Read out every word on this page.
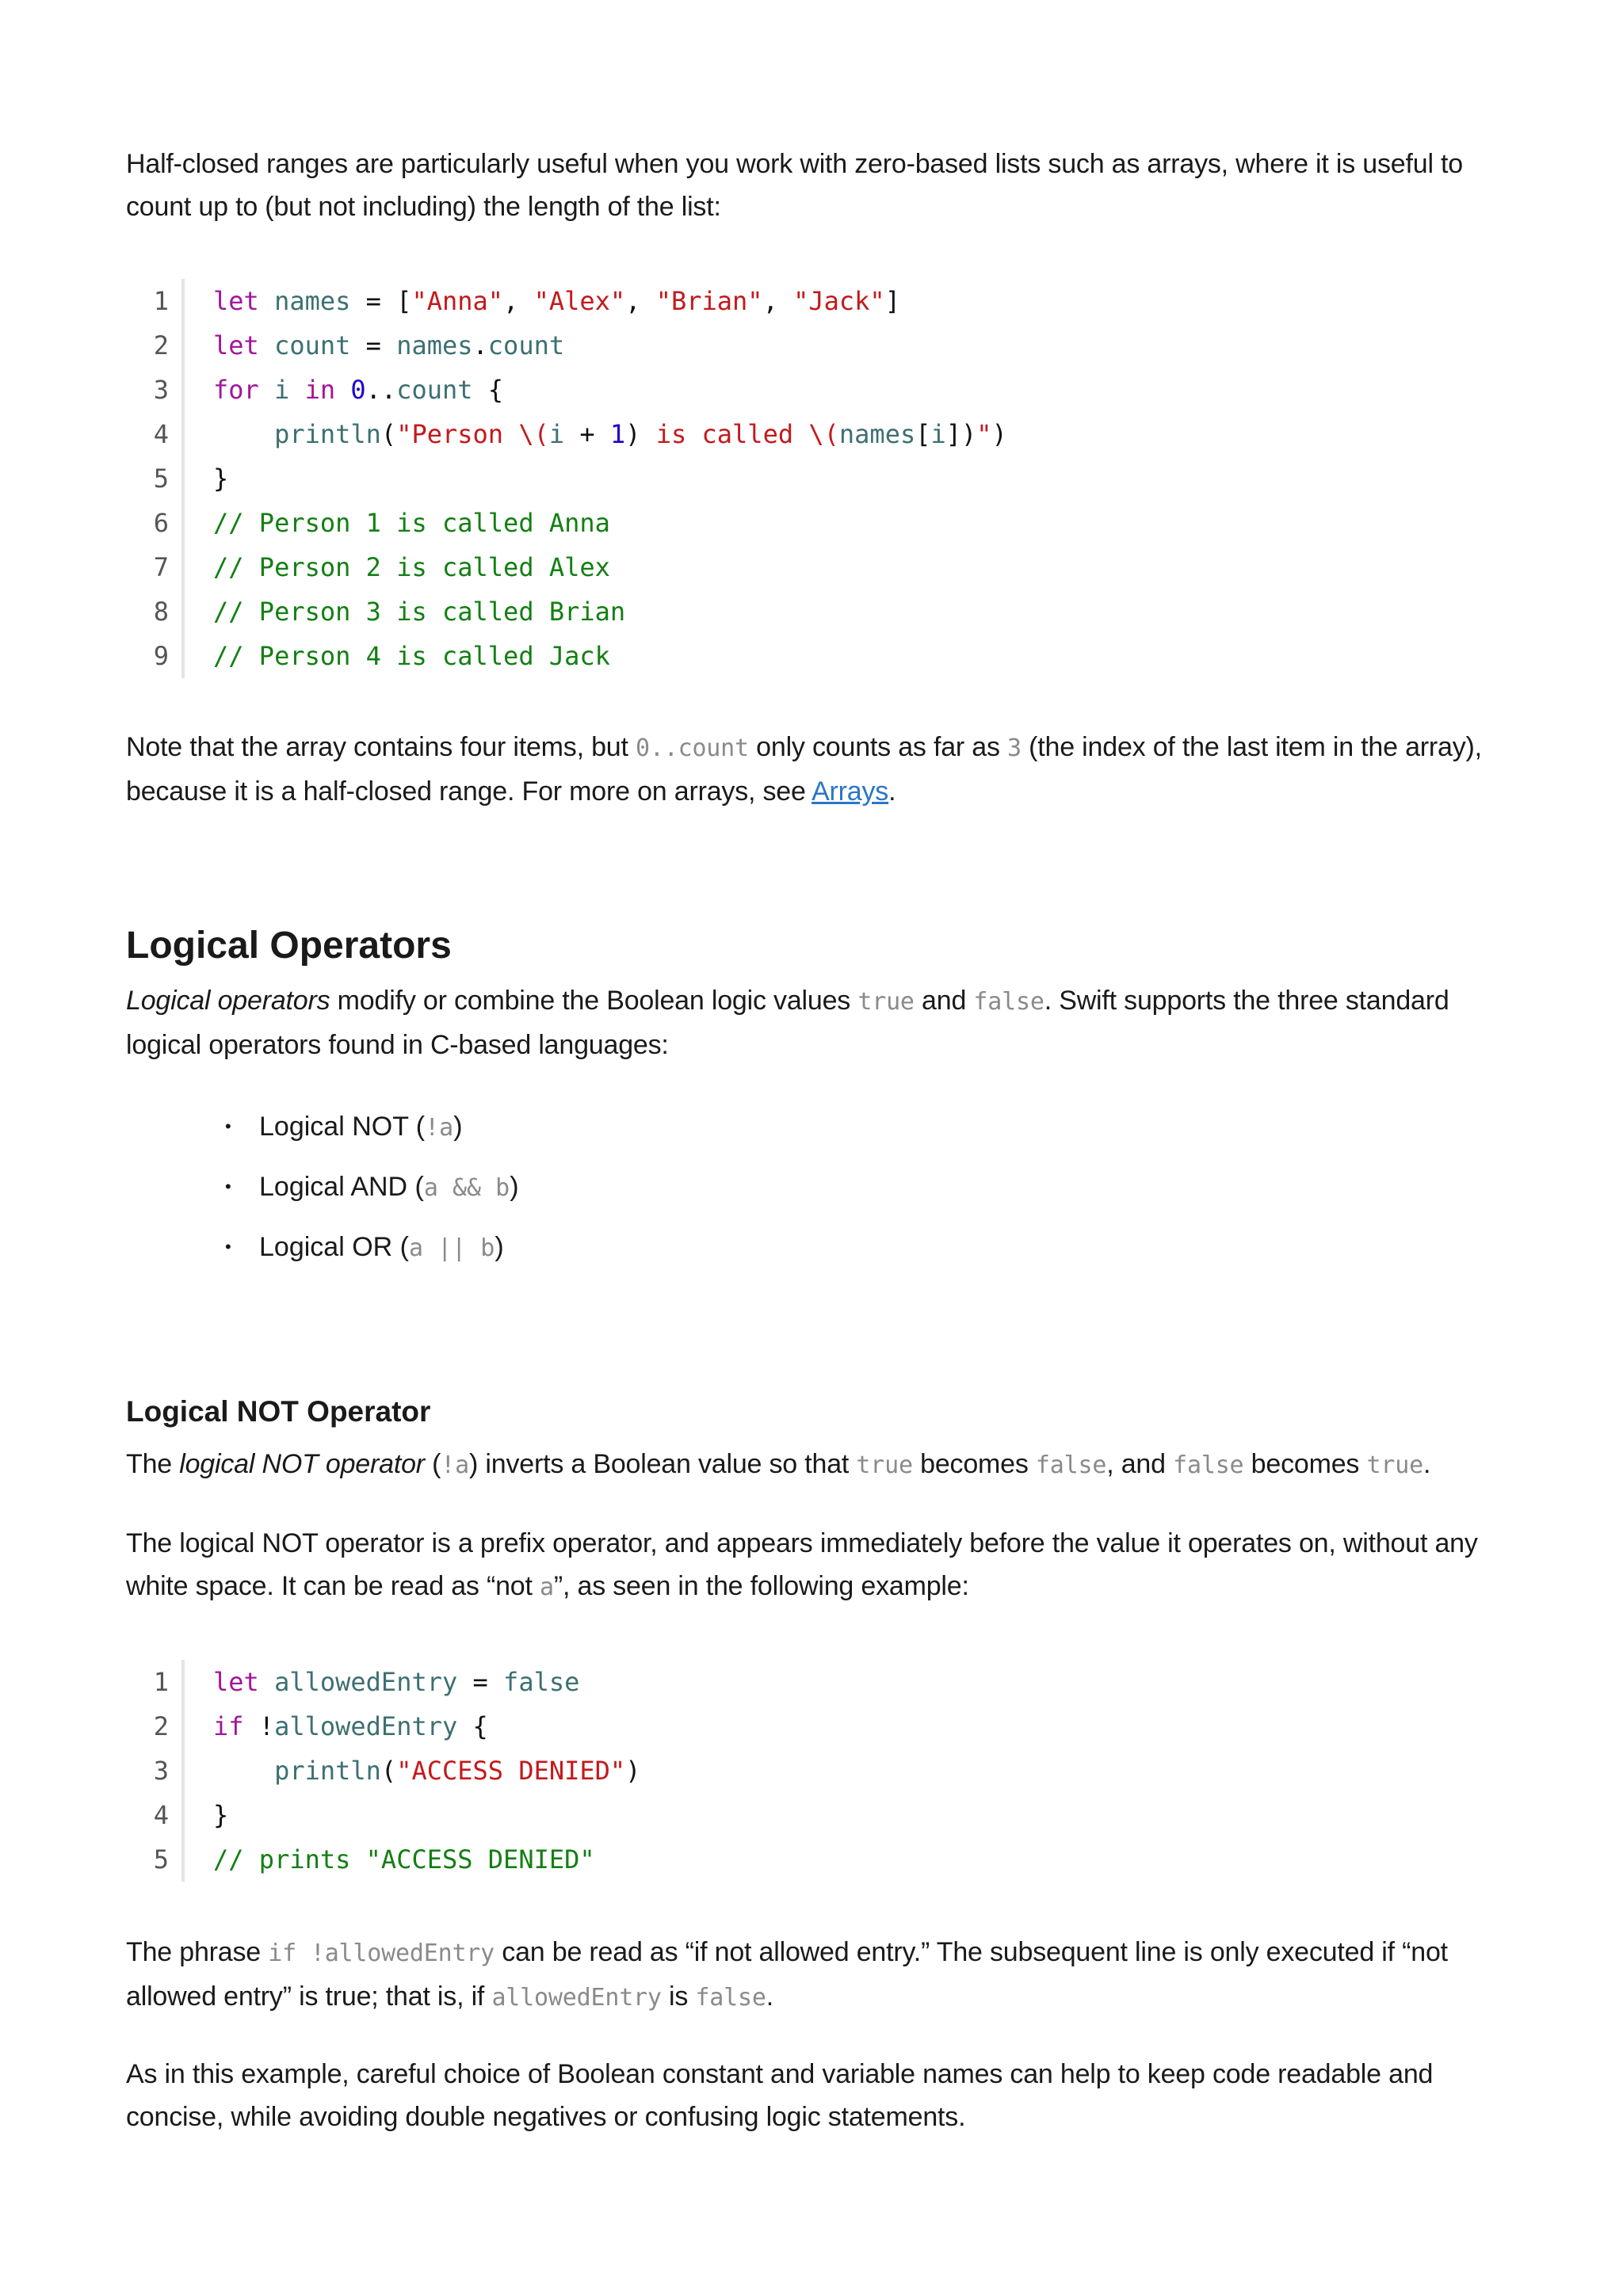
Half-closed ranges are particularly useful when you work with zero-based lists such as arrays, where it is useful to count up to (but not including) the length of the list:

1
2
3
4
5
6
7
8
9
let names = ["Anna", "Alex", "Brian", "Jack"]
let count = names.count
for i in 0..count {
println("Person \(i + 1) is called \(names[i])")
}
// Person 1 is called Anna
// Person 2 is called Alex
// Person 3 is called Brian
// Person 4 is called Jack

Note that the array contains four items, but 0..count only counts as far as 3 (the index of the last item in the array), because it is a half-closed range. For more on arrays, see Arrays.

Logical Operators

Logical operators modify or combine the Boolean logic values true and false. Swift supports the three standard logical operators found in C-based languages:

• Logical NOT (!a)
• Logical AND (a && b)
• Logical OR (a || b)
Logical NOT Operator

The logical NOT operator (!a) inverts a Boolean value so that true becomes false, and false becomes true.

The logical NOT operator is a prefix operator, and appears immediately before the value it operates on, without any white space. It can be read as “not a”, as seen in the following example:

1
2
3
4
5
let allowedEntry = false
if !allowedEntry {
println("ACCESS DENIED")
}
// prints "ACCESS DENIED"

The phrase if !allowedEntry can be read as “if not allowed entry.” The subsequent line is only executed if “not allowed entry” is true; that is, if allowedEntry is false.

As in this example, careful choice of Boolean constant and variable names can help to keep code readable and concise, while avoiding double negatives or confusing logic statements.
